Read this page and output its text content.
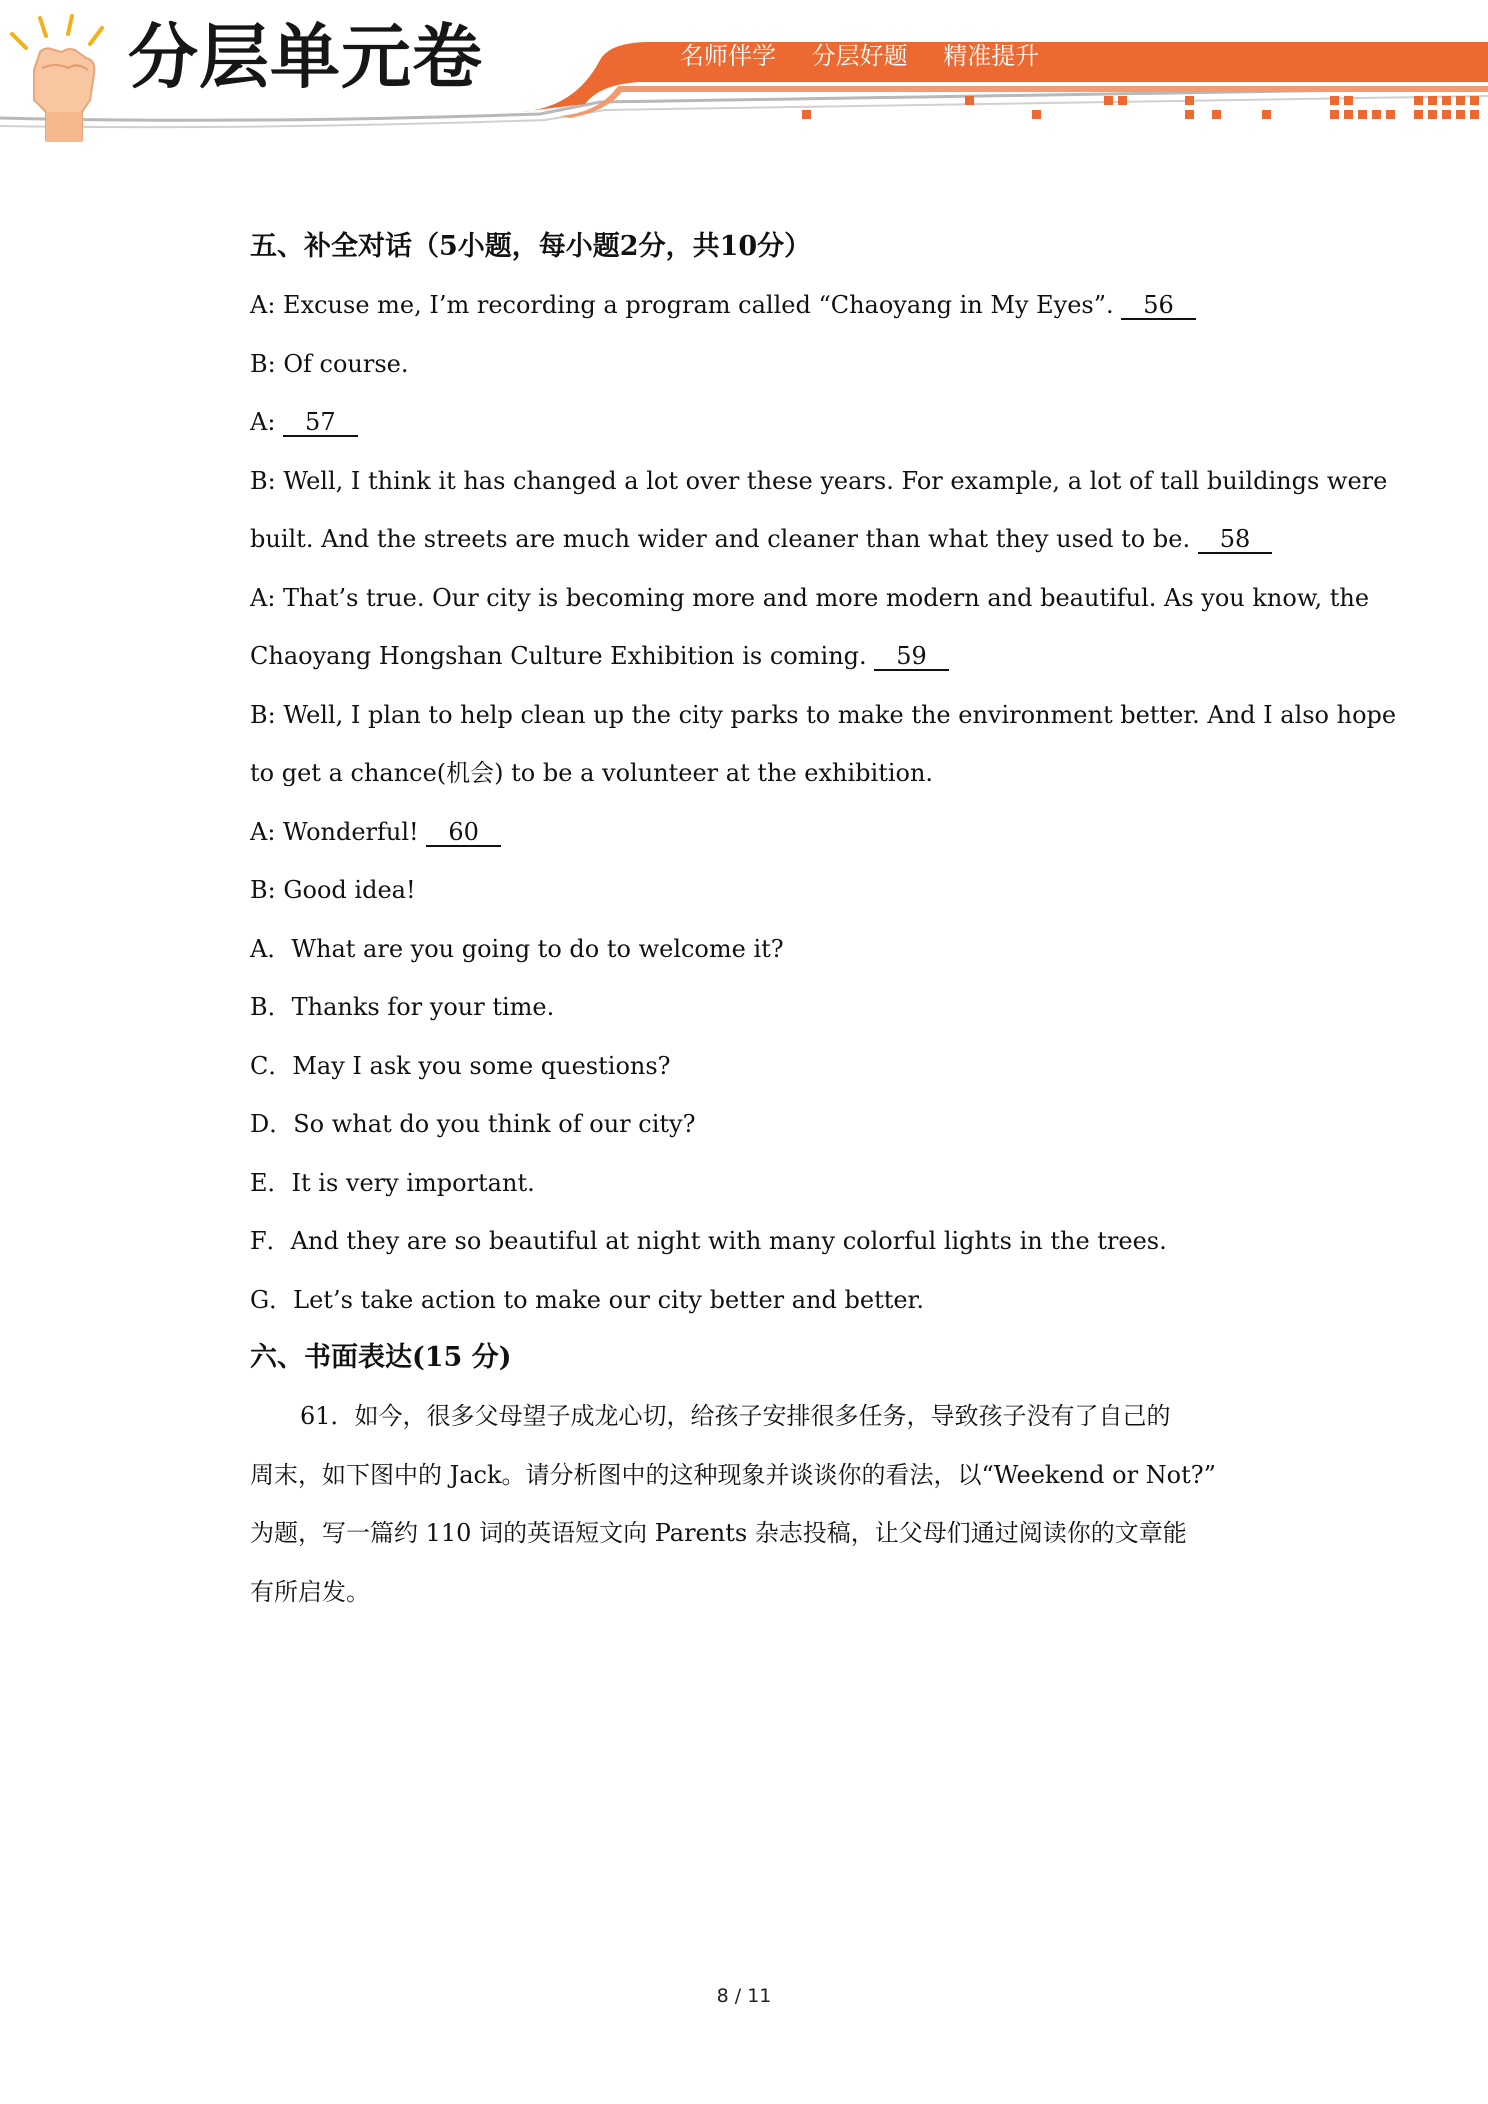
分层单元卷	名师伴学 分层好题 精准提升
五、补全对话（5小题，每小题2分，共10分）
A: Excuse me, I’m recording a program called “Chaoyang in My Eyes”. 56
B: Of course.
A: 57
B: Well, I think it has changed a lot over these years. For example, a lot of tall buildings were
built. And the streets are much wider and cleaner than what they used to be. 58
A: That’s true. Our city is becoming more and more modern and beautiful. As you know, the
Chaoyang Hongshan Culture Exhibition is coming. 59
B: Well, I plan to help clean up the city parks to make the environment better. And I also hope
to get a chance(机会) to be a volunteer at the exhibition.
A: Wonderful! 60
B: Good idea!
A．What are you going to do to welcome it?
B．Thanks for your time.
C．May I ask you some questions?
D．So what do you think of our city?
E．It is very important.
F．And they are so beautiful at night with many colorful lights in the trees.
G．Let’s take action to make our city better and better.
六、书面表达(15 分)
61．如今，很多父母望子成龙心切，给孩子安排很多任务，导致孩子没有了自己的
周末，如下图中的 Jack。请分析图中的这种现象并谈谈你的看法，以“Weekend or Not?”
为题，写一篇约 110 词的英语短文向 Parents 杂志投稿，让父母们通过阅读你的文章能
有所启发。
8 / 11
